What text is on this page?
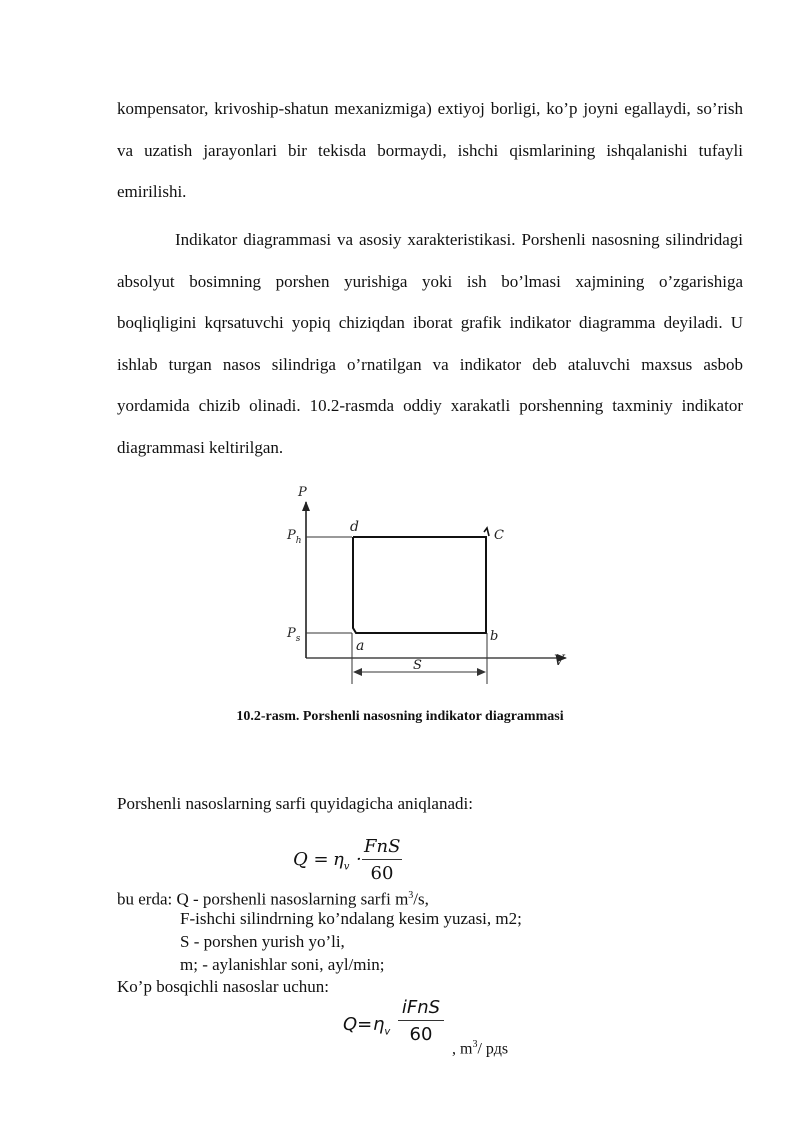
kompensator, krivoship-shatun mexanizmiga) extiyoj borligi, ko’p joyni egallaydi, so’rish va uzatish jarayonlari bir tekisda bormaydi, ishchi qismlarining ishqalanishi tufayli emirilishi.

Indikator diagrammasi va asosiy xarakteristikasi. Porshenli nasosning silindridagi absolyut bosimning porshen yurishiga yoki ish bo’lmasi xajmining o’zgarishiga boqliqligini kqrsatuvchi yopiq chiziqdan iborat grafik indikator diagramma deyiladi. U ishlab turgan nasos silindriga o’rnatilgan va indikator deb ataluvchi maxsus asbob yordamida chizib olinadi. 10.2-rasmda oddiy xarakatli porshenning taxminiy indikator diagrammasi keltirilgan.

P
V
$P_h$
$P_s$
d
C
a
b
S
10.2-rasm. Porshenli nasosning indikator diagrammasi
Porshenli nasoslarning sarfi quyidagicha aniqlanadi:
$Q = \eta_v$ ·
FnS
60
bu erda: Q - porshenli nasoslarning sarfi $m^3/s$,
F-ishchi silindrning ko’ndalang kesim yuzasi, m2;
S - porshen yurish yo’li,
m; - aylanishlar soni, ayl/min;
Ko’p bosqichli nasoslar uchun:
$Q= \eta_v$
iFnS
60
, $m^3/$ рдs
